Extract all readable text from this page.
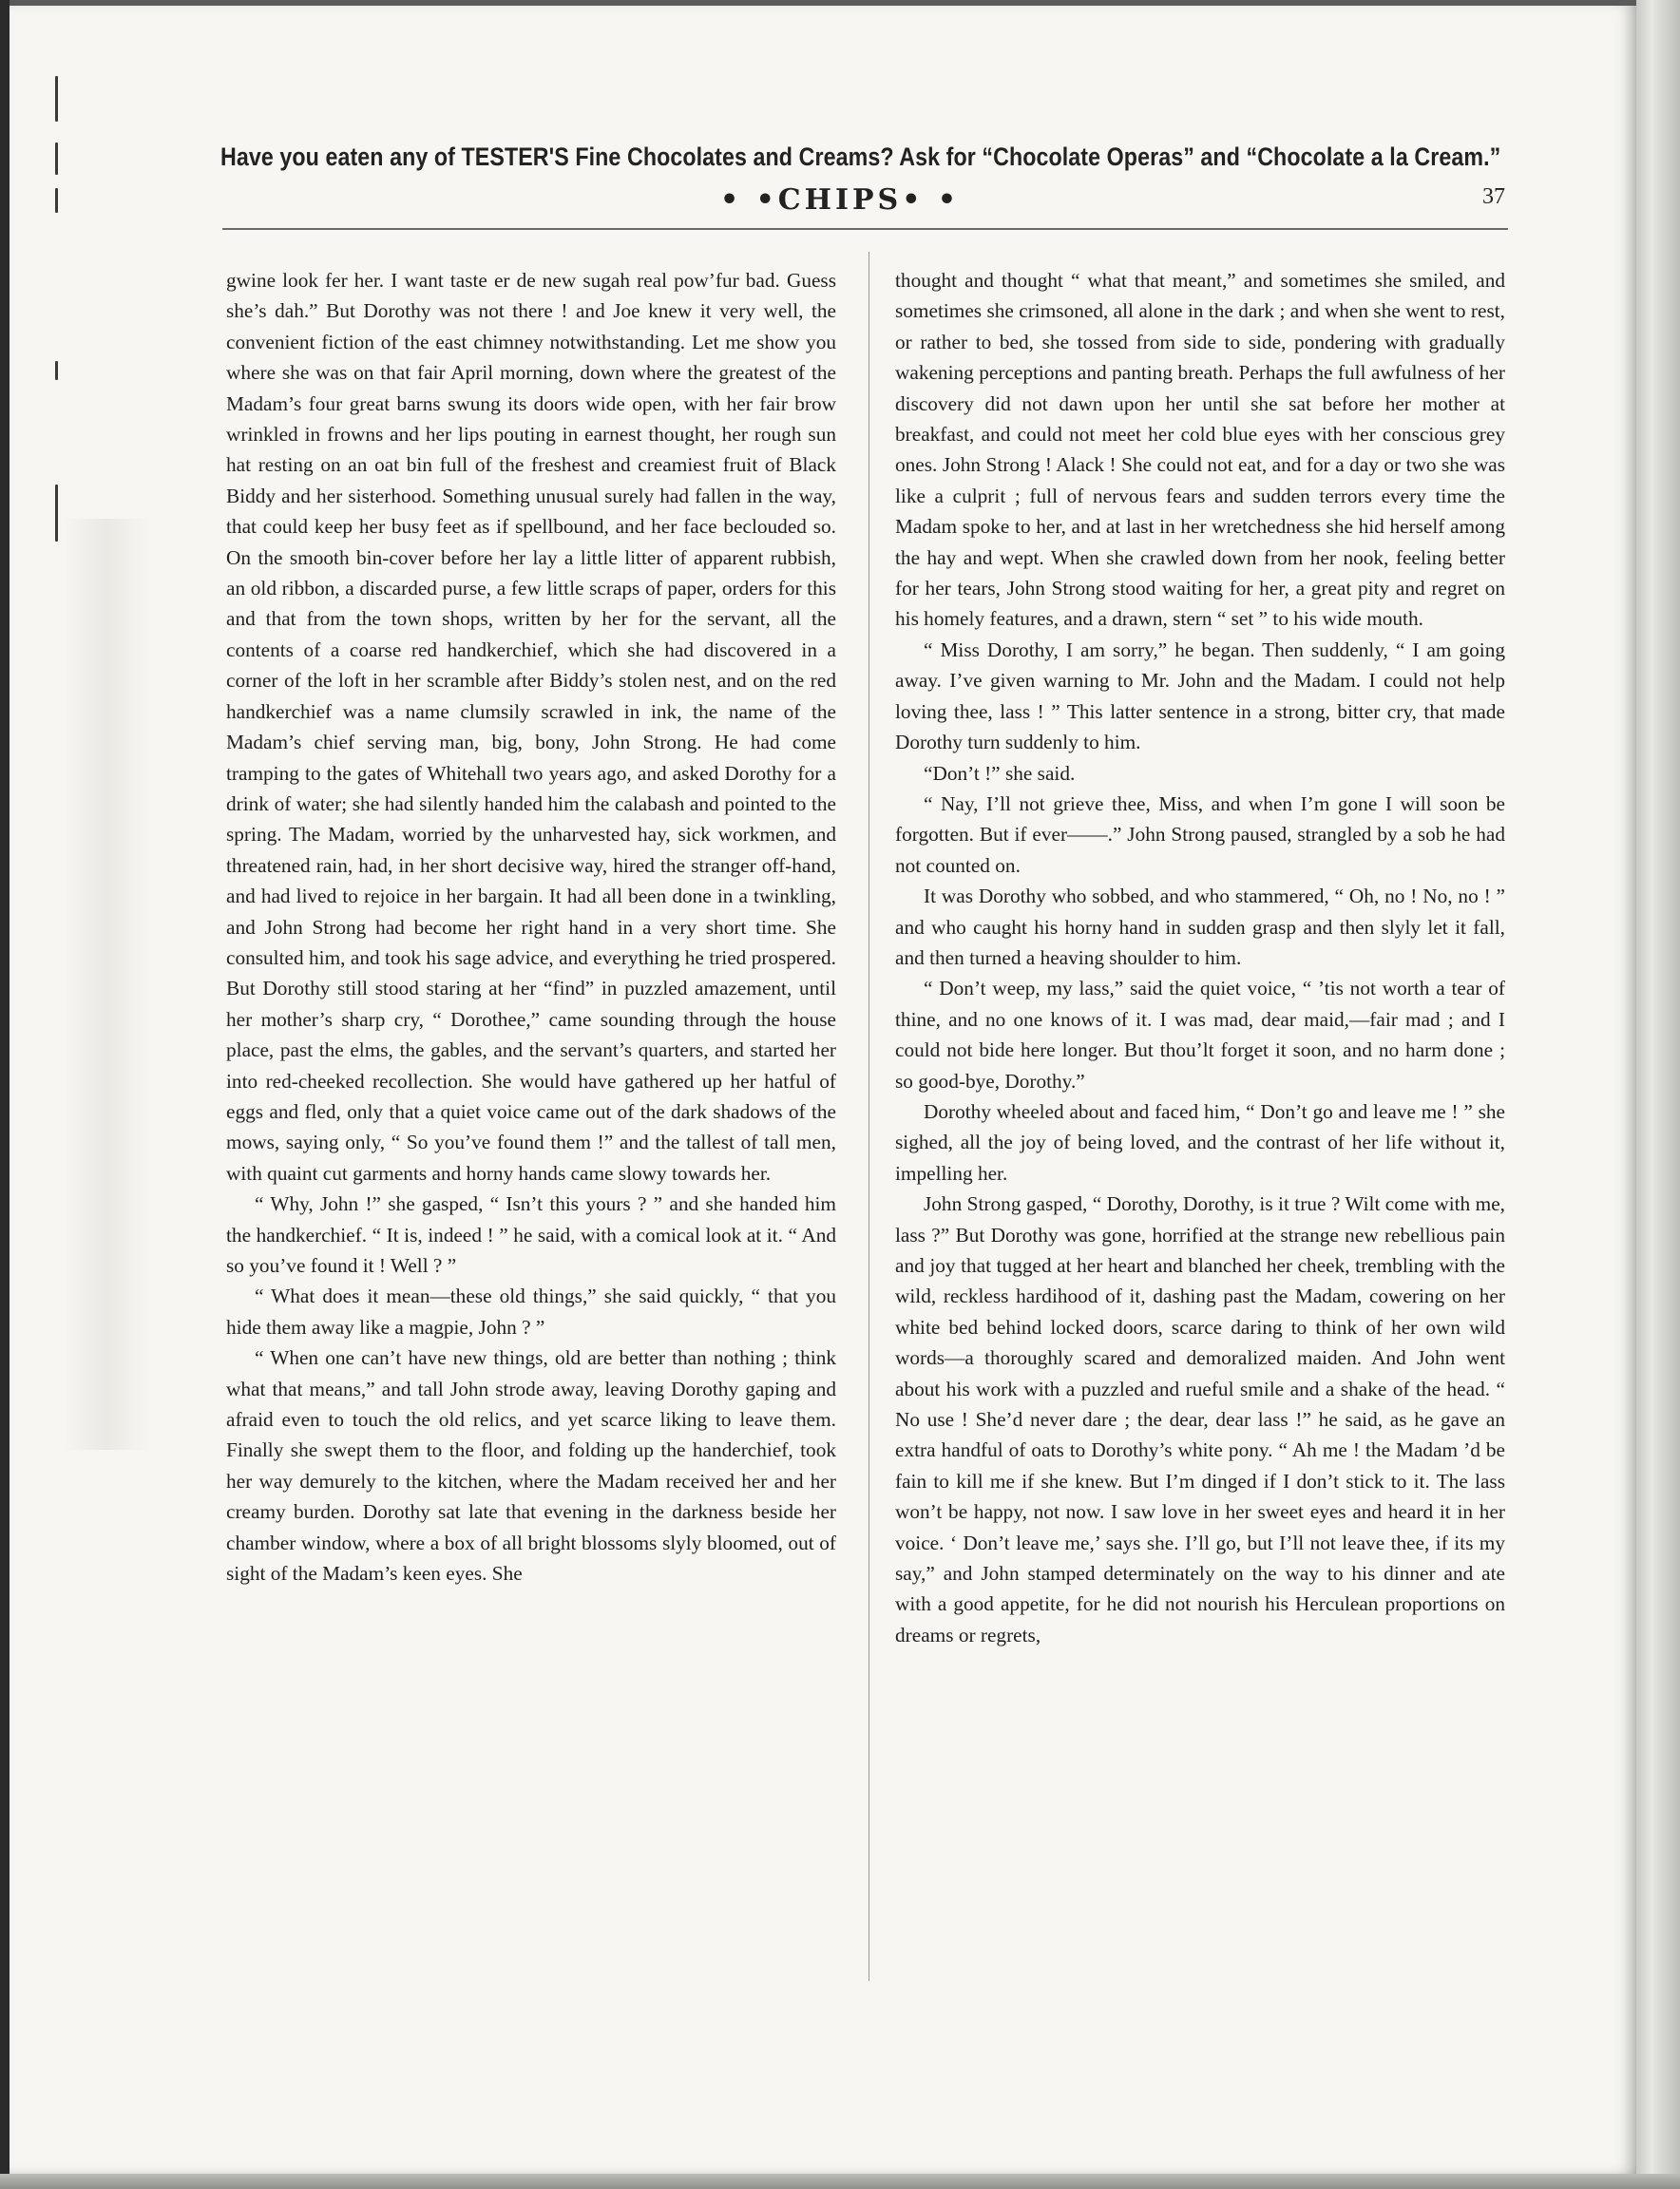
Have you eaten any of TESTER'S Fine Chocolates and Creams? Ask for “Chocolate Operas” and “Chocolate a la Cream.”
• •CHIPS• •	37

gwine look fer her. I want taste er de new sugah real pow’fur bad. Guess she’s dah.” But Dorothy was not there ! and Joe knew it very well, the convenient fiction of the east chimney notwithstanding. Let me show you where she was on that fair April morning, down where the greatest of the Madam’s four great barns swung its doors wide open, with her fair brow wrinkled in frowns and her lips pouting in earnest thought, her rough sun hat resting on an oat bin full of the freshest and creamiest fruit of Black Biddy and her sisterhood. Something unusual surely had fallen in the way, that could keep her busy feet as if spellbound, and her face beclouded so. On the smooth bin-cover before her lay a little litter of apparent rubbish, an old ribbon, a discarded purse, a few little scraps of paper, orders for this and that from the town shops, written by her for the servant, all the contents of a coarse red handkerchief, which she had discovered in a corner of the loft in her scramble after Biddy’s stolen nest, and on the red handkerchief was a name clumsily scrawled in ink, the name of the Madam’s chief serving man, big, bony, John Strong. He had come tramping to the gates of Whitehall two years ago, and asked Dorothy for a drink of water; she had silently handed him the calabash and pointed to the spring. The Madam, worried by the unharvested hay, sick workmen, and threatened rain, had, in her short decisive way, hired the stranger off-hand, and had lived to rejoice in her bargain. It had all been done in a twinkling, and John Strong had become her right hand in a very short time. She consulted him, and took his sage advice, and everything he tried prospered. But Dorothy still stood staring at her “find” in puzzled amazement, until her mother’s sharp cry, “ Dorothee,” came sounding through the house place, past the elms, the gables, and the servant’s quarters, and started her into red-cheeked recollection. She would have gathered up her hatful of eggs and fled, only that a quiet voice came out of the dark shadows of the mows, saying only, “ So you’ve found them !” and the tallest of tall men, with quaint cut garments and horny hands came slowy towards her.

“ Why, John !” she gasped, “ Isn’t this yours ? ” and she handed him the handkerchief. “ It is, indeed ! ” he said, with a comical look at it. “ And so you’ve found it ! Well ? ”

“ What does it mean—these old things,” she said quickly, “ that you hide them away like a magpie, John ? ”

“ When one can’t have new things, old are better than nothing ; think what that means,” and tall John strode away, leaving Dorothy gaping and afraid even to touch the old relics, and yet scarce liking to leave them. Finally she swept them to the floor, and folding up the handerchief, took her way demurely to the kitchen, where the Madam received her and her creamy burden. Dorothy sat late that evening in the darkness beside her chamber window, where a box of all bright blossoms slyly bloomed, out of sight of the Madam’s keen eyes. She

thought and thought “ what that meant,” and sometimes she smiled, and sometimes she crimsoned, all alone in the dark ; and when she went to rest, or rather to bed, she tossed from side to side, pondering with gradually wakening perceptions and panting breath. Perhaps the full awfulness of her discovery did not dawn upon her until she sat before her mother at breakfast, and could not meet her cold blue eyes with her conscious grey ones. John Strong ! Alack ! She could not eat, and for a day or two she was like a culprit ; full of nervous fears and sudden terrors every time the Madam spoke to her, and at last in her wretchedness she hid herself among the hay and wept. When she crawled down from her nook, feeling better for her tears, John Strong stood waiting for her, a great pity and regret on his homely features, and a drawn, stern “ set ” to his wide mouth.

“ Miss Dorothy, I am sorry,” he began. Then suddenly, “ I am going away. I’ve given warning to Mr. John and the Madam. I could not help loving thee, lass ! ” This latter sentence in a strong, bitter cry, that made Dorothy turn suddenly to him.

“Don’t !” she said.

“ Nay, I’ll not grieve thee, Miss, and when I’m gone I will soon be forgotten. But if ever——.” John Strong paused, strangled by a sob he had not counted on.

It was Dorothy who sobbed, and who stammered, “ Oh, no ! No, no ! ” and who caught his horny hand in sudden grasp and then slyly let it fall, and then turned a heaving shoulder to him.

“ Don’t weep, my lass,” said the quiet voice, “ ’tis not worth a tear of thine, and no one knows of it. I was mad, dear maid,—fair mad ; and I could not bide here longer. But thou’lt forget it soon, and no harm done ; so good-bye, Dorothy.”

Dorothy wheeled about and faced him, “ Don’t go and leave me ! ” she sighed, all the joy of being loved, and the contrast of her life without it, impelling her.

John Strong gasped, “ Dorothy, Dorothy, is it true ? Wilt come with me, lass ?” But Dorothy was gone, horrified at the strange new rebellious pain and joy that tugged at her heart and blanched her cheek, trembling with the wild, reckless hardihood of it, dashing past the Madam, cowering on her white bed behind locked doors, scarce daring to think of her own wild words—a thoroughly scared and demoralized maiden. And John went about his work with a puzzled and rueful smile and a shake of the head. “ No use ! She’d never dare ; the dear, dear lass !” he said, as he gave an extra handful of oats to Dorothy’s white pony. “ Ah me ! the Madam ’d be fain to kill me if she knew. But I’m dinged if I don’t stick to it. The lass won’t be happy, not now. I saw love in her sweet eyes and heard it in her voice. ‘ Don’t leave me,’ says she. I’ll go, but I’ll not leave thee, if its my say,” and John stamped determinately on the way to his dinner and ate with a good appetite, for he did not nourish his Herculean proportions on dreams or regrets,
